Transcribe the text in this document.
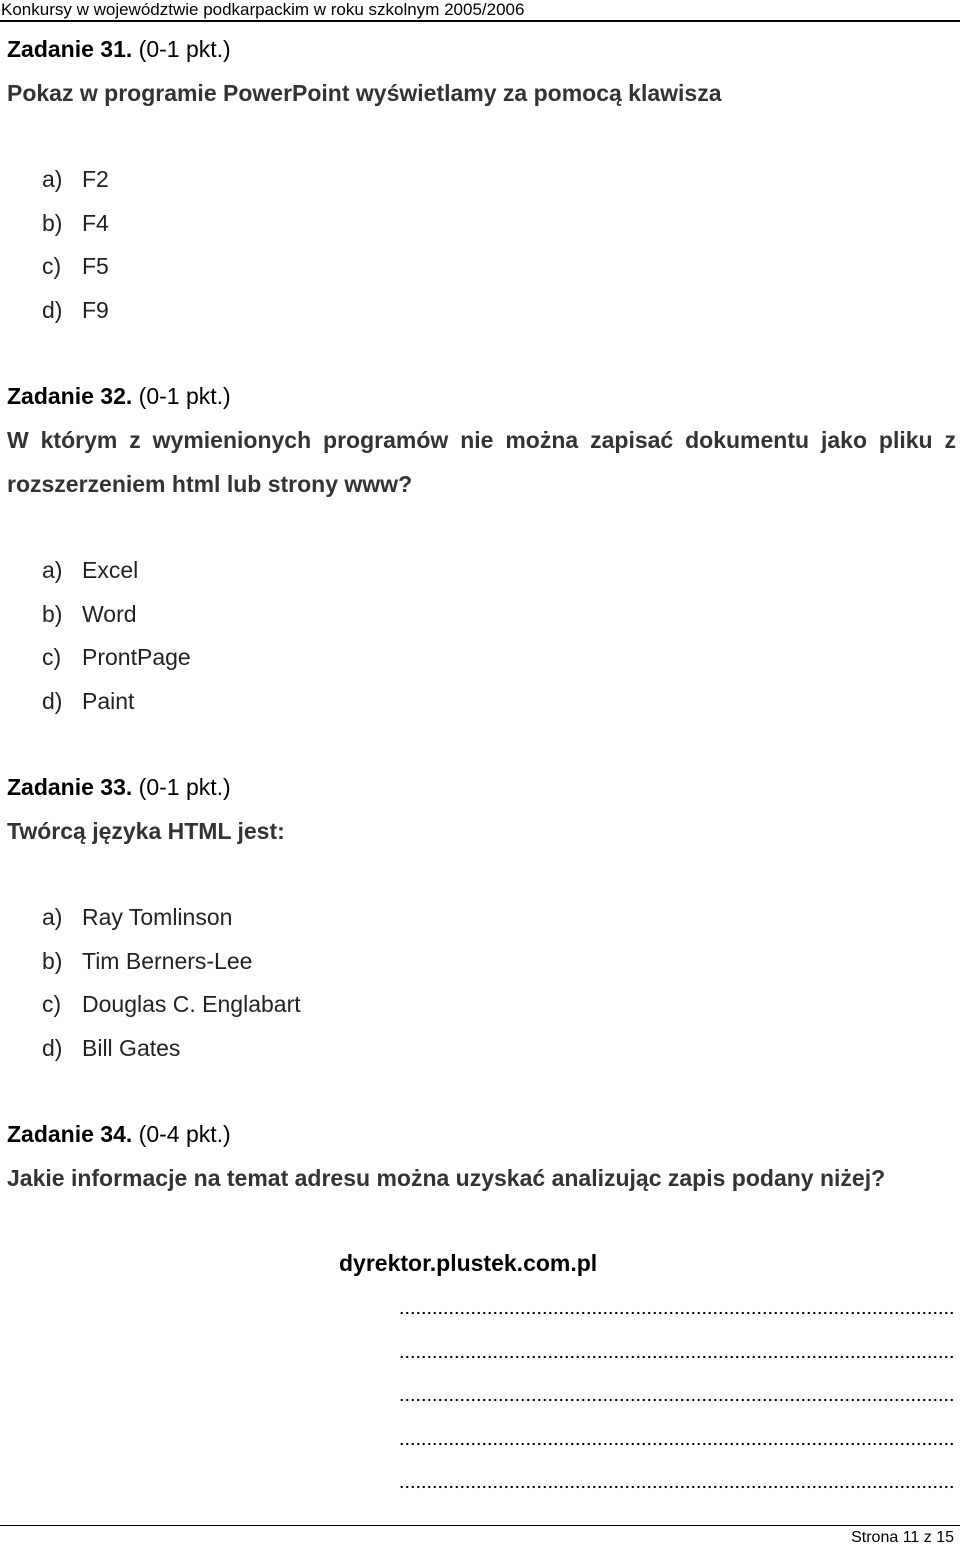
Konkursy w województwie podkarpackim w roku szkolnym 2005/2006
Zadanie 31. (0-1 pkt.)
Pokaz w programie PowerPoint wyświetlamy za pomocą klawisza
a) F2
b) F4
c) F5
d) F9
Zadanie 32. (0-1 pkt.)
W którym z wymienionych programów nie można zapisać dokumentu jako pliku z rozszerzeniem html lub strony www?
a) Excel
b) Word
c) ProntPage
d) Paint
Zadanie 33. (0-1 pkt.)
Twórcą języka HTML jest:
a) Ray Tomlinson
b) Tim Berners-Lee
c) Douglas C. Englabart
d) Bill Gates
Zadanie 34. (0-4 pkt.)
Jakie informacje na temat adresu można uzyskać analizując zapis podany niżej?
dyrektor.plustek.com.pl
Strona 11 z 15
